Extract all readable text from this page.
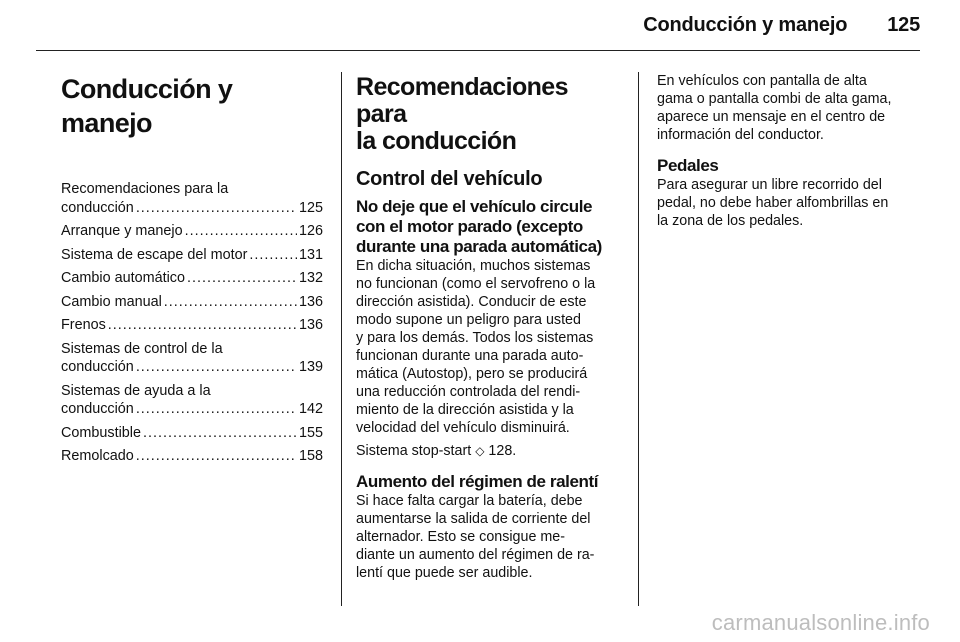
Conducción y manejo 125
Conducción y manejo
Recomendaciones para la
conducción .....	125
Arranque y manejo .....	126
Sistema de escape del motor .....	131
Cambio automático .....	132
Cambio manual .....	136
Frenos .....	136
Sistemas de control de la
conducción .....	139
Sistemas de ayuda a la
conducción .....	142
Combustible .....	155
Remolcado .....	158
Recomendaciones para
la conducción
Control del vehículo
No deje que el vehículo circule
con el motor parado (excepto
durante una parada automática)
En dicha situación, muchos sistemas
no funcionan (como el servofreno o la
dirección asistida). Conducir de este
modo supone un peligro para usted
y para los demás. Todos los sistemas
funcionan durante una parada auto-
mática (Autostop), pero se producirá
una reducción controlada del rendi-
miento de la dirección asistida y la
velocidad del vehículo disminuirá.
Sistema stop-start ◇ 128.
Aumento del régimen de ralentí
Si hace falta cargar la batería, debe
aumentarse la salida de corriente del
alternador. Esto se consigue me-
diante un aumento del régimen de ra-
lentí que puede ser audible.
En vehículos con pantalla de alta
gama o pantalla combi de alta gama,
aparece un mensaje en el centro de
información del conductor.
Pedales
Para asegurar un libre recorrido del
pedal, no debe haber alfombrillas en
la zona de los pedales.
carmanualsonline.info
